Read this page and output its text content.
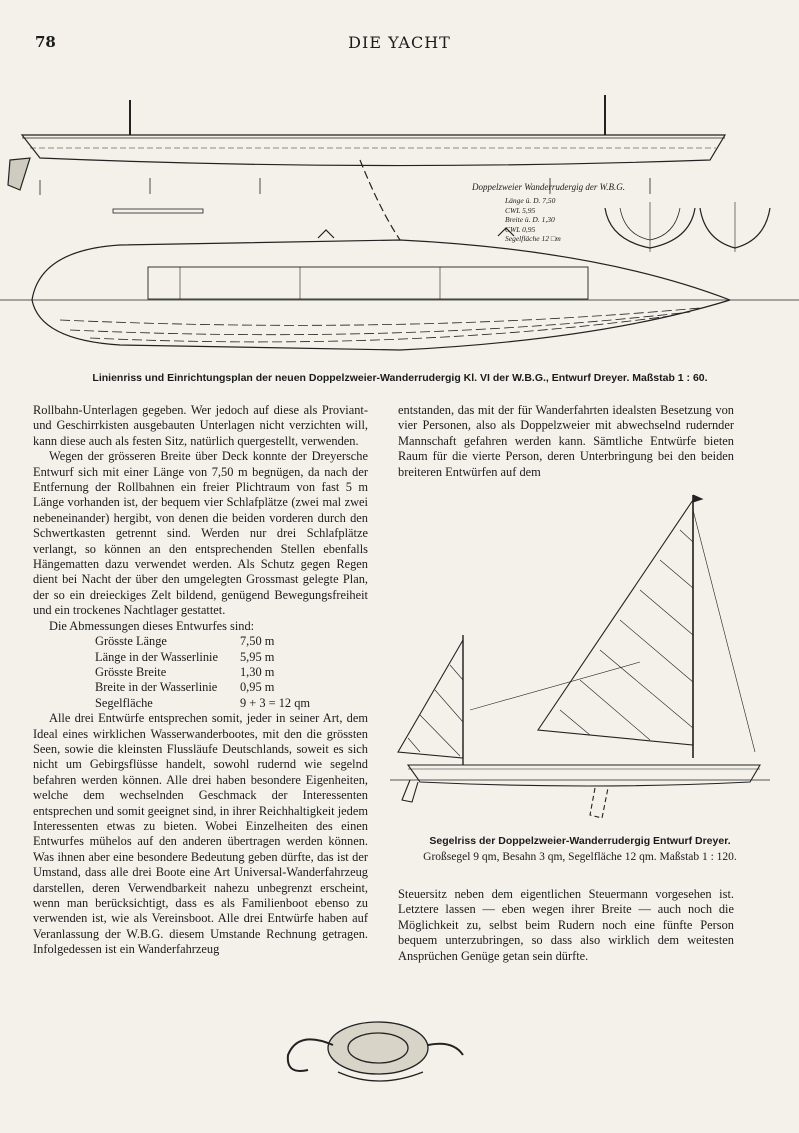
78	DIE YACHT
Doppelzweier Wanderrudergig der W.B.G.
Länge ü. D. 7,50
CWL 5,95
Breite ü. D. 1,30
CWL 0,95
Segelfläche 12 □m
Linienriss und Einrichtungsplan der neuen Doppelzweier-Wanderrudergig Kl. VI der W.B.G., Entwurf Dreyer. Maßstab 1 : 60.

Rollbahn-Unterlagen gegeben. Wer jedoch auf diese als Proviant- und Geschirrkisten ausgebauten Unterlagen nicht verzichten will, kann diese auch als festen Sitz, natürlich quergestellt, verwenden.

Wegen der grösseren Breite über Deck konnte der Dreyersche Entwurf sich mit einer Länge von 7,50 m begnügen, da nach der Entfernung der Rollbahnen ein freier Plichtraum von fast 5 m Länge vorhanden ist, der bequem vier Schlafplätze (zwei mal zwei nebeneinander) hergibt, von denen die beiden vorderen durch den Schwertkasten getrennt sind. Werden nur drei Schlafplätze verlangt, so können an den entsprechenden Stellen ebenfalls Hängematten dazu verwendet werden. Als Schutz gegen Regen dient bei Nacht der über den umgelegten Grossmast gelegte Plan, der so ein dreieckiges Zelt bildend, genügend Bewegungsfreiheit und ein trockenes Nachtlager gestattet.

Die Abmessungen dieses Entwurfes sind:

Grösste Länge	7,50 m
Länge in der Wasserlinie	5,95 m
Grösste Breite	1,30 m
Breite in der Wasserlinie	0,95 m
Segelfläche	9 + 3 = 12 qm

Alle drei Entwürfe entsprechen somit, jeder in seiner Art, dem Ideal eines wirklichen Wasserwanderbootes, mit den die grössten Seen, sowie die kleinsten Flussläufe Deutschlands, soweit es sich nicht um Gebirgsflüsse handelt, sowohl rudernd wie segelnd befahren werden können. Alle drei haben besondere Eigenheiten, welche dem wechselnden Geschmack der Interessenten entsprechen und somit geeignet sind, in ihrer Reichhaltigkeit jedem Interessenten etwas zu bieten. Wobei Einzelheiten des einen Entwurfes mühelos auf den anderen übertragen werden können. Was ihnen aber eine besondere Bedeutung geben dürfte, das ist der Umstand, dass alle drei Boote eine Art Universal-Wanderfahrzeug darstellen, deren Verwendbarkeit nahezu unbegrenzt erscheint, wenn man berücksichtigt, dass es als Familienboot ebenso zu verwenden ist, wie als Vereinsboot. Alle drei Entwürfe haben auf Veranlassung der W.B.G. diesem Umstande Rechnung getragen. Infolgedessen ist ein Wanderfahrzeug

entstanden, das mit der für Wanderfahrten idealsten Besetzung von vier Personen, also als Doppelzweier mit abwechselnd rudernder Mannschaft gefahren werden kann. Sämtliche Entwürfe bieten Raum für die vierte Person, deren Unterbringung bei den beiden breiteren Entwürfen auf dem

Segelriss der Doppelzweier-Wanderrudergig Entwurf Dreyer.
Großsegel 9 qm, Besahn 3 qm, Segelfläche 12 qm. Maßstab 1 : 120.

Steuersitz neben dem eigentlichen Steuermann vorgesehen ist. Letztere lassen — eben wegen ihrer Breite — auch noch die Möglichkeit zu, selbst beim Rudern noch eine fünfte Person bequem unterzubringen, so dass also wirklich dem weitesten Ansprüchen Genüge getan sein dürfte.
